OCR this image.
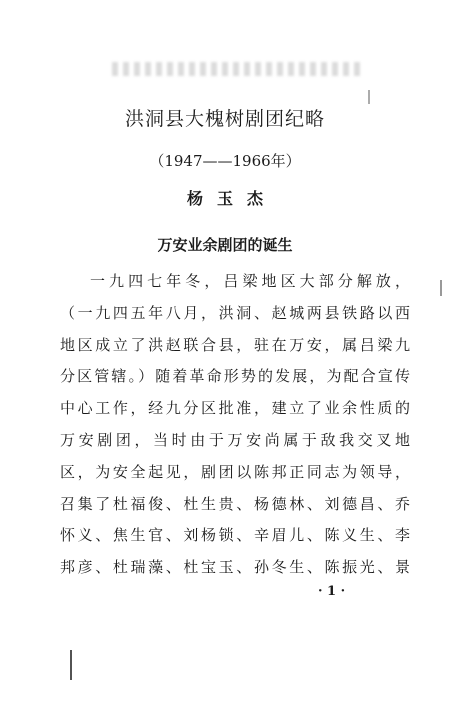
洪洞县大槐树剧团纪略
（1947——1966年）
杨玉杰
万安业余剧团的诞生
一九四七年冬，吕梁地区大部分解放，
（一九四五年八月，洪洞、赵城两县铁路以西
地区成立了洪赵联合县，驻在万安，属吕梁九
分区管辖。）随着革命形势的发展，为配合宣传
中心工作，经九分区批准，建立了业余性质的
万安剧团，当时由于万安尚属于敌我交叉地
区，为安全起见，剧团以陈邦正同志为领导，
召集了杜福俊、杜生贵、杨德林、刘德昌、乔
怀义、焦生官、刘杨锁、辛眉儿、陈义生、李
邦彦、杜瑞藻、杜宝玉、孙冬生、陈振光、景
· 1 ·
